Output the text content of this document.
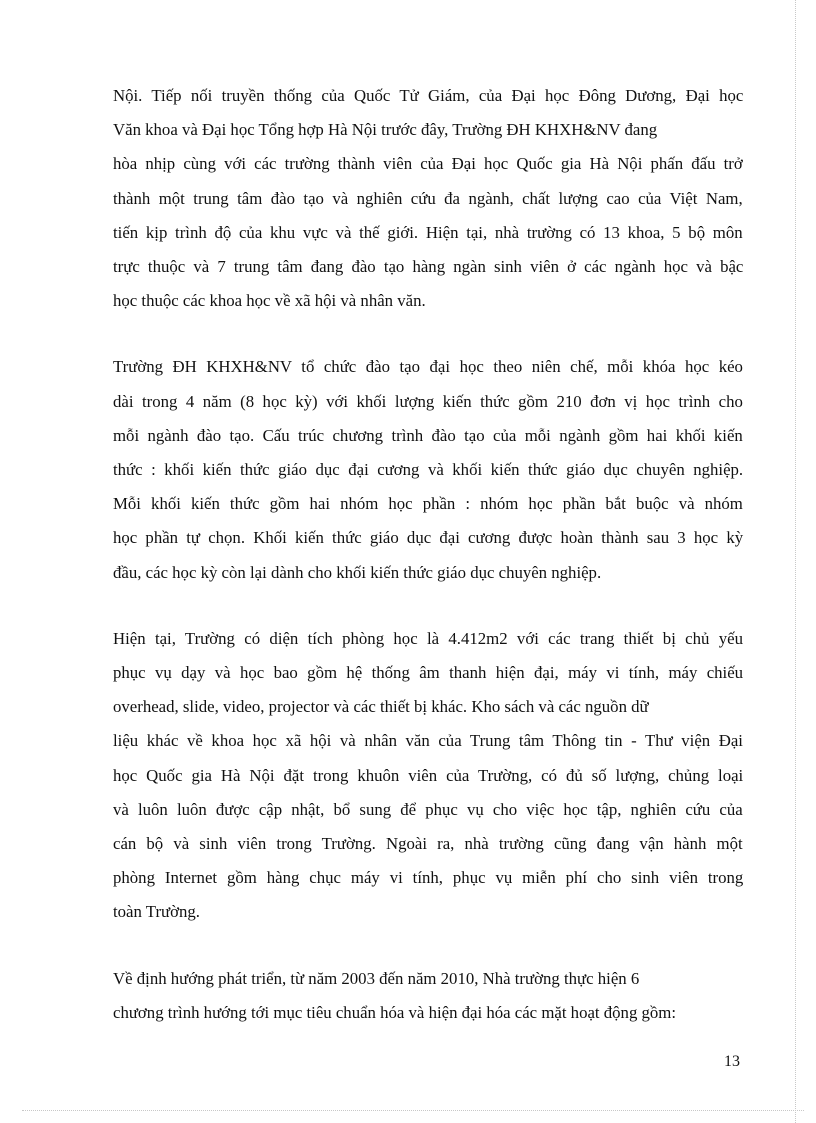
Nội. Tiếp nối truyền thống của Quốc Tử Giám, của Đại học Đông Dương, Đại học
Văn khoa và Đại học Tổng hợp Hà Nội trước đây, Trường ĐH KHXH&NV đang
hòa nhịp cùng với các trường thành viên của Đại học Quốc gia Hà Nội phấn đấu trở
thành một trung tâm đào tạo và nghiên cứu đa ngành, chất lượng cao của Việt Nam,
tiến kịp trình độ của khu vực và thế giới. Hiện tại, nhà trường có 13 khoa, 5 bộ môn
trực thuộc và 7 trung tâm đang đào tạo hàng ngàn sinh viên ở các ngành học và bậc
học thuộc các khoa học về xã hội và nhân văn.

Trường ĐH KHXH&NV tổ chức đào tạo đại học theo niên chế, mỗi khóa học kéo
dài trong 4 năm (8 học kỳ) với khối lượng kiến thức gồm 210 đơn vị học trình cho
mỗi ngành đào tạo. Cấu trúc chương trình đào tạo của mỗi ngành gồm hai khối kiến
thức : khối kiến thức giáo dục đại cương và khối kiến thức giáo dục chuyên nghiệp.
Mỗi khối kiến thức gồm hai nhóm học phần : nhóm học phần bắt buộc và nhóm
học phần tự chọn. Khối kiến thức giáo dục đại cương được hoàn thành sau 3 học kỳ
đầu, các học kỳ còn lại dành cho khối kiến thức giáo dục chuyên nghiệp.

Hiện tại, Trường có diện tích phòng học là 4.412m2 với các trang thiết bị chủ yếu
phục vụ dạy và học bao gồm hệ thống âm thanh hiện đại, máy vi tính, máy chiếu
overhead, slide, video, projector và các thiết bị khác. Kho sách và các nguồn dữ
liệu khác về khoa học xã hội và nhân văn của Trung tâm Thông tin - Thư viện Đại
học Quốc gia Hà Nội đặt trong khuôn viên của Trường, có đủ số lượng, chủng loại
và luôn luôn được cập nhật, bổ sung để phục vụ cho việc học tập, nghiên cứu của
cán bộ và sinh viên trong Trường. Ngoài ra, nhà trường cũng đang vận hành một
phòng Internet gồm hàng chục máy vi tính, phục vụ miễn phí cho sinh viên trong
toàn Trường.

Về định hướng phát triển, từ năm 2003 đến năm 2010, Nhà trường thực hiện 6
chương trình hướng tới mục tiêu chuẩn hóa và hiện đại hóa các mặt hoạt động gồm:

13
